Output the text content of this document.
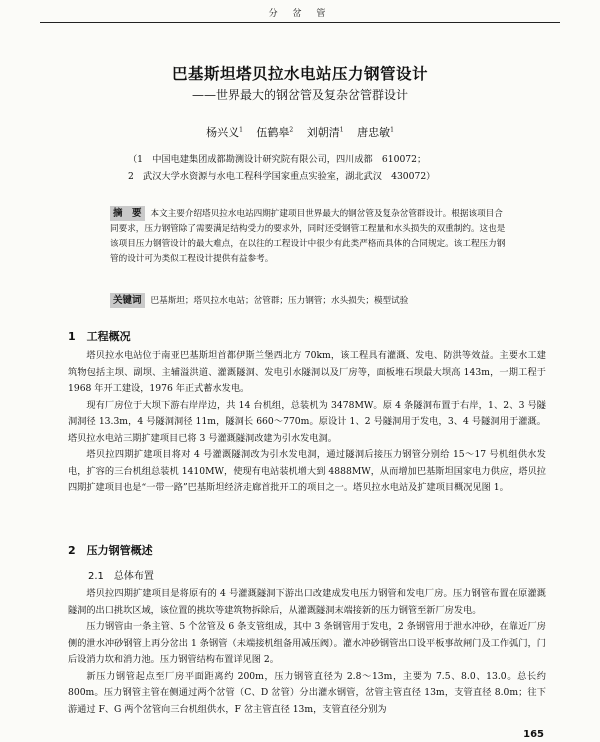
分 岔 管
巴基斯坦塔贝拉水电站压力钢管设计
——世界最大的钢岔管及复杂岔管群设计
杨兴义$^1$ 伍鹤皋$^2$ 刘朝清$^1$ 唐忠敏$^1$
（1　中国电建集团成都勘测设计研究院有限公司，四川成都　610072；
2　武汉大学水资源与水电工程科学国家重点实验室，湖北武汉　430072）
摘　要 本文主要介绍塔贝拉水电站四期扩建项目世界最大的钢岔管及复杂岔管群设计。根据该项目合同要求，压力钢管除了需要满足结构受力的要求外，同时还受钢管工程量和水头损失的双重制约。这也是该项目压力钢管设计的最大难点，在以往的工程设计中很少有此类严格而具体的合同规定。该工程压力钢管的设计可为类似工程设计提供有益参考。
关键词 巴基斯坦；塔贝拉水电站；岔管群；压力钢管；水头损失；模型试验
1　工程概况

塔贝拉水电站位于南亚巴基斯坦首都伊斯兰堡西北方 70km，该工程具有灌溉、发电、防洪等效益。主要水工建筑物包括主坝、副坝、主辅溢洪道、灌溉隧洞、发电引水隧洞以及厂房等，面板堆石坝最大坝高 143m，一期工程于 1968 年开工建设，1976 年正式蓄水发电。

现有厂房位于大坝下游右岸岸边，共 14 台机组，总装机为 3478MW。原 4 条隧洞布置于右岸，1、2、3 号隧洞洞径 13.3m，4 号隧洞洞径 11m，隧洞长 660～770m。原设计 1、2 号隧洞用于发电，3、4 号隧洞用于灌溉。塔贝拉水电站三期扩建项目已将 3 号灌溉隧洞改建为引水发电洞。

塔贝拉四期扩建项目将对 4 号灌溉隧洞改为引水发电洞，通过隧洞后接压力钢管分别给 15～17 号机组供水发电，扩容的三台机组总装机 1410MW，使现有电站装机增大到 4888MW，从而增加巴基斯坦国家电力供应，塔贝拉四期扩建项目也是“一带一路”巴基斯坦经济走廊首批开工的项目之一。塔贝拉水电站及扩建项目概况见图 1。

2　压力钢管概述
2.1　总体布置

塔贝拉四期扩建项目是将原有的 4 号灌溉隧洞下游出口改建成发电压力钢管和发电厂房。压力钢管布置在原灌溉隧洞的出口挑坎区域，该位置的挑坎等建筑物拆除后，从灌溉隧洞末端接新的压力钢管至新厂房发电。

压力钢管由一条主管、5 个岔管及 6 条支管组成，其中 3 条钢管用于发电，2 条钢管用于泄水冲砂，在靠近厂房侧的泄水冲砂钢管上再分岔出 1 条钢管（未端接机组备用减压阀）。灌水冲砂钢管出口设平板事故闸门及工作弧门，门后设消力坎和消力池。压力钢管结构布置详见图 2。

新压力钢管起点至厂房平面距离约 200m，压力钢管直径为 2.8～13m，主要为 7.5、8.0、13.0。总长约 800m。压力钢管主管在侧通过两个岔管（C、D 岔管）分出灌水钢管，岔管主管直径 13m，支管直径 8.0m；往下游通过 F、G 两个岔管向三台机组供水，F 岔主管直径 13m，支管直径分别为

165
